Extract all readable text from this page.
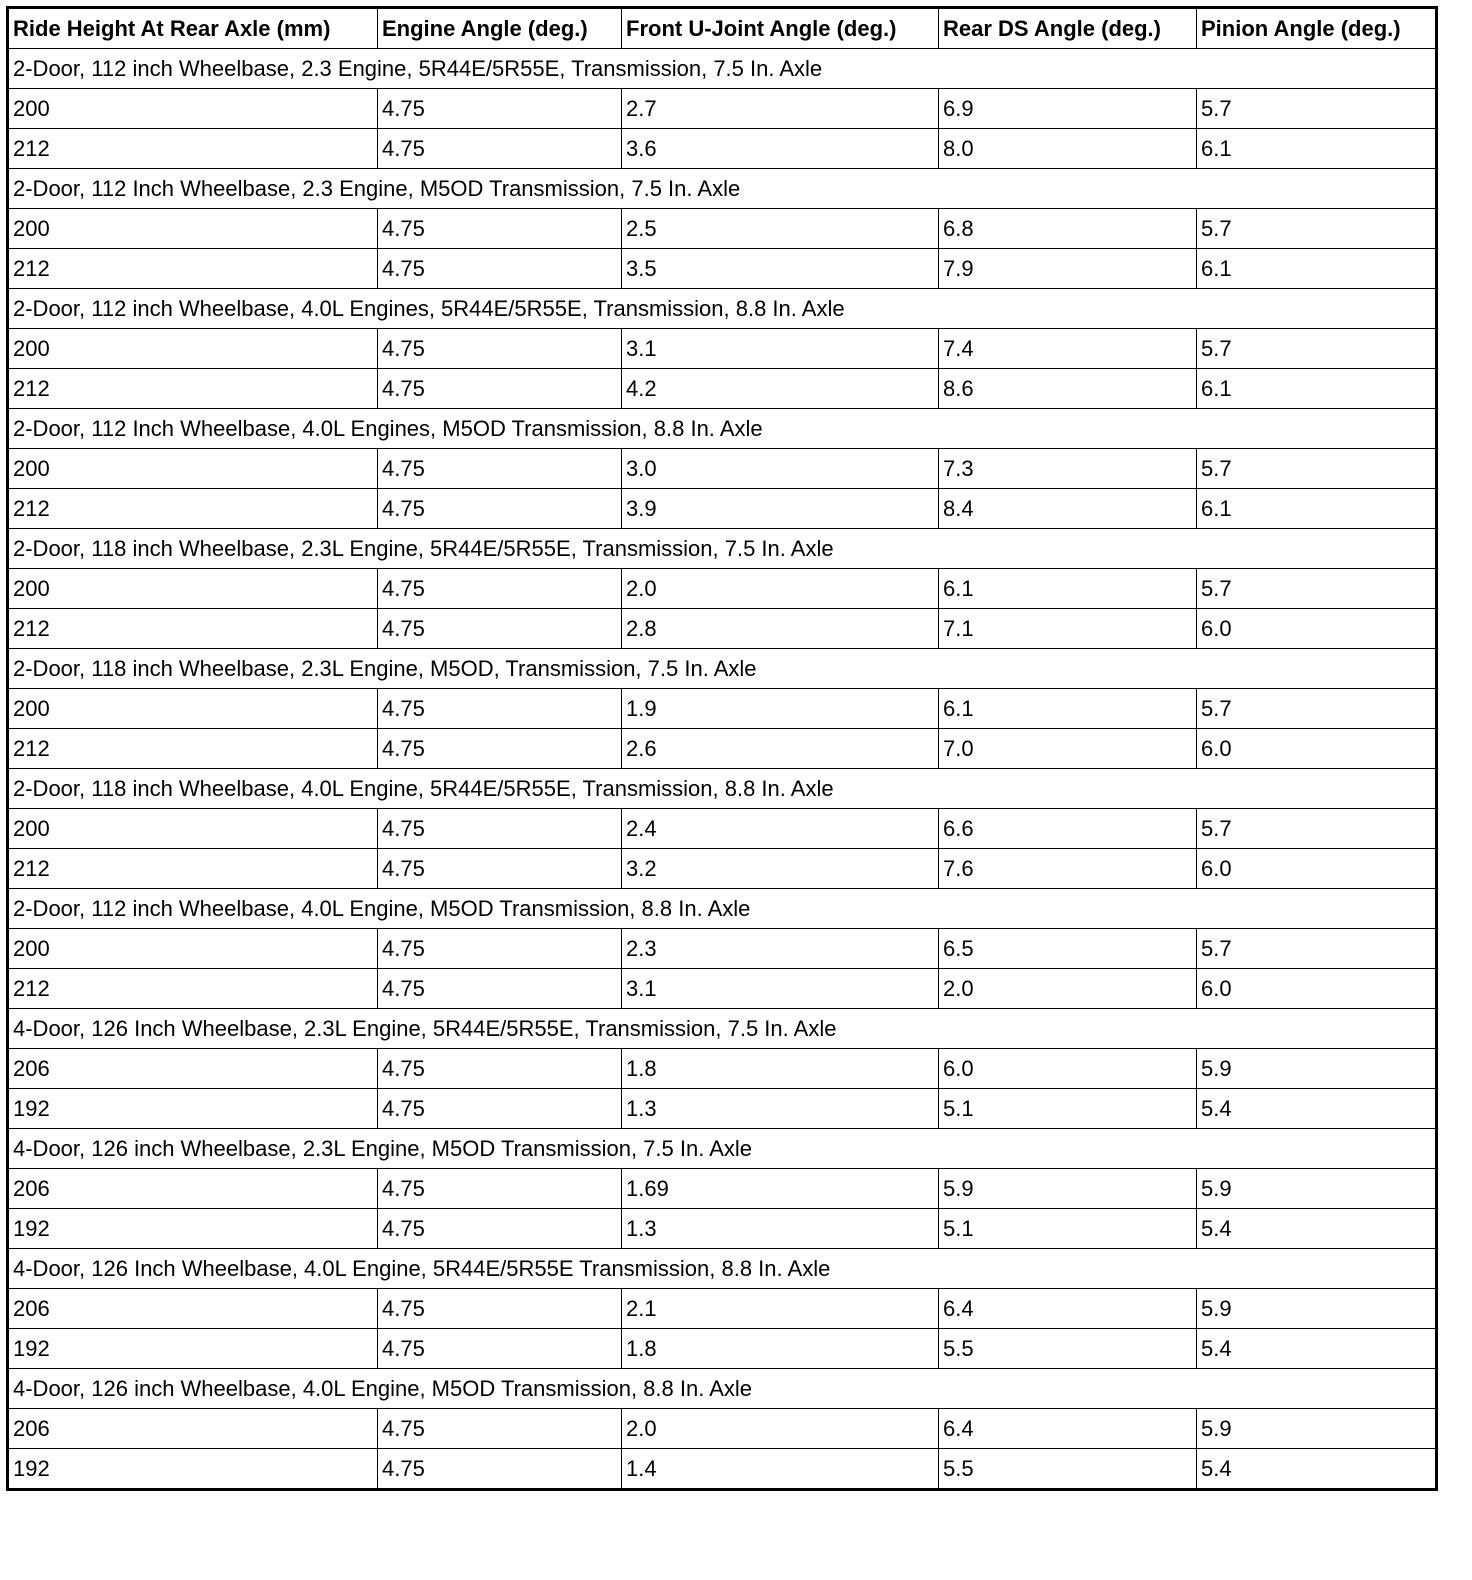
Ride Height At Rear Axle (mm)	Engine Angle (deg.)	Front U-Joint Angle (deg.)	Rear DS Angle (deg.)	Pinion Angle (deg.)
2-Door, 112 inch Wheelbase, 2.3 Engine, 5R44E/5R55E, Transmission, 7.5 In. Axle				
200	4.75	2.7	6.9	5.7
212	4.75	3.6	8.0	6.1
2-Door, 112 Inch Wheelbase, 2.3 Engine, M5OD Transmission, 7.5 In. Axle				
200	4.75	2.5	6.8	5.7
212	4.75	3.5	7.9	6.1
2-Door, 112 inch Wheelbase, 4.0L Engines, 5R44E/5R55E, Transmission, 8.8 In. Axle				
200	4.75	3.1	7.4	5.7
212	4.75	4.2	8.6	6.1
2-Door, 112 Inch Wheelbase, 4.0L Engines, M5OD Transmission, 8.8 In. Axle				
200	4.75	3.0	7.3	5.7
212	4.75	3.9	8.4	6.1
2-Door, 118 inch Wheelbase, 2.3L Engine, 5R44E/5R55E, Transmission, 7.5 In. Axle				
200	4.75	2.0	6.1	5.7
212	4.75	2.8	7.1	6.0
2-Door, 118 inch Wheelbase, 2.3L Engine, M5OD, Transmission, 7.5 In. Axle				
200	4.75	1.9	6.1	5.7
212	4.75	2.6	7.0	6.0
2-Door, 118 inch Wheelbase, 4.0L Engine, 5R44E/5R55E, Transmission, 8.8 In. Axle				
200	4.75	2.4	6.6	5.7
212	4.75	3.2	7.6	6.0
2-Door, 112 inch Wheelbase, 4.0L Engine, M5OD Transmission, 8.8 In. Axle				
200	4.75	2.3	6.5	5.7
212	4.75	3.1	2.0	6.0
4-Door, 126 Inch Wheelbase, 2.3L Engine, 5R44E/5R55E, Transmission, 7.5 In. Axle				
206	4.75	1.8	6.0	5.9
192	4.75	1.3	5.1	5.4
4-Door, 126 inch Wheelbase, 2.3L Engine, M5OD Transmission, 7.5 In. Axle				
206	4.75	1.69	5.9	5.9
192	4.75	1.3	5.1	5.4
4-Door, 126 Inch Wheelbase, 4.0L Engine, 5R44E/5R55E Transmission, 8.8 In. Axle				
206	4.75	2.1	6.4	5.9
192	4.75	1.8	5.5	5.4
4-Door, 126 inch Wheelbase, 4.0L Engine, M5OD Transmission, 8.8 In. Axle				
206	4.75	2.0	6.4	5.9
192	4.75	1.4	5.5	5.4
